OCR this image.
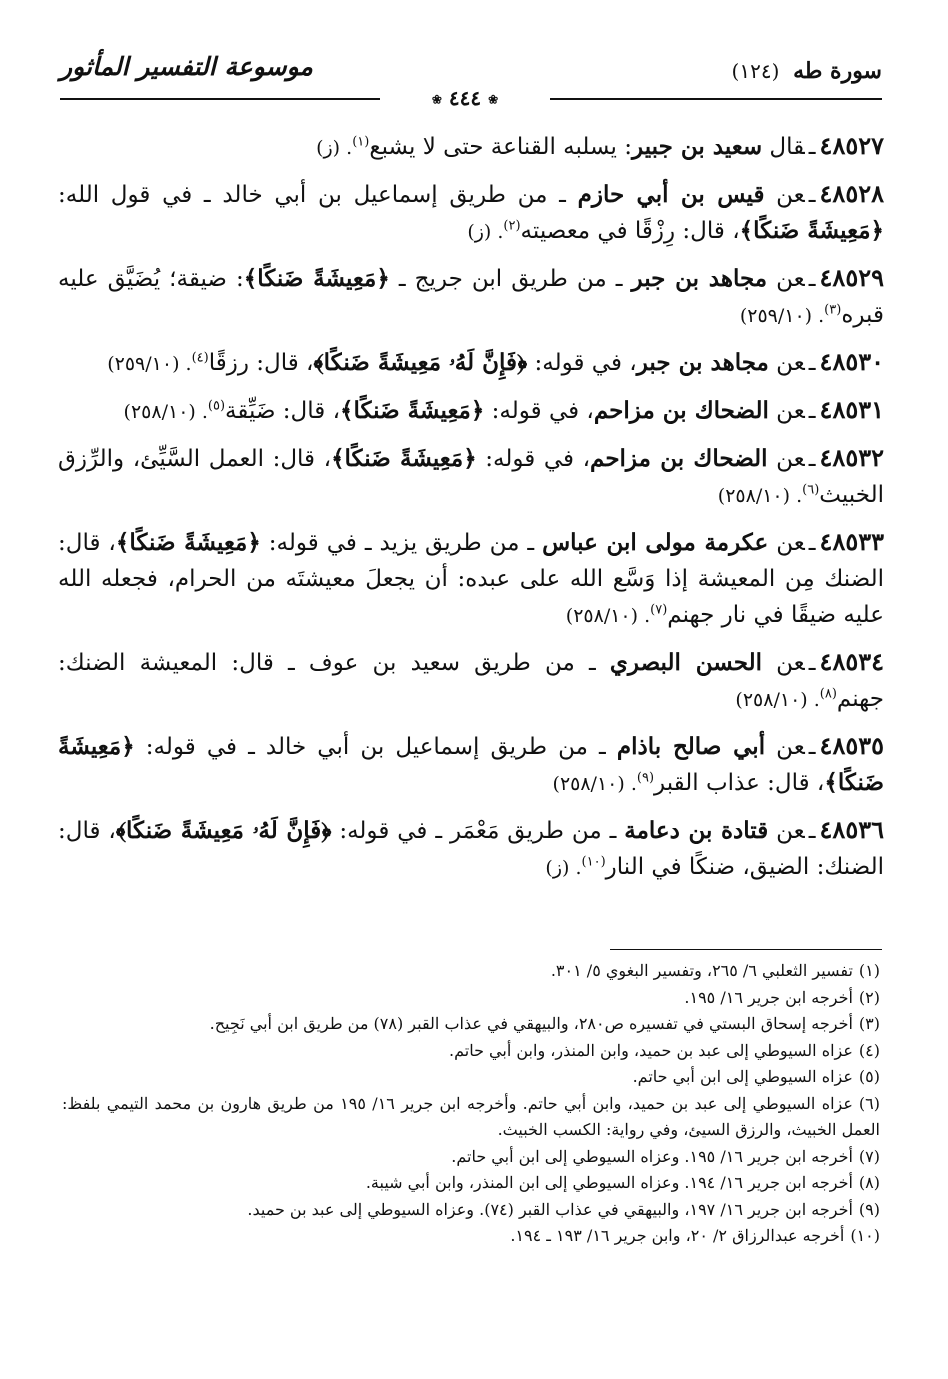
سورة طه (١٢٤)
موسوعة التفسير المأثور
❀ ٤٤٤ ❀

٤٨٥٢٧ـقال سعيد بن جبير: يسلبه القناعة حتى لا يشبع$^{(١)}$. (ز)

٤٨٥٢٨ـعن قيس بن أبي حازم ـ من طريق إسماعيل بن أبي خالد ـ في قول الله: ﴿مَعِيشَةً ضَنكًا﴾، قال: رِزْقًا في معصيته$^{(٢)}$. (ز)

٤٨٥٢٩ـعن مجاهد بن جبر ـ من طريق ابن جريج ـ ﴿مَعِيشَةً ضَنكًا﴾: ضيقة؛ يُضَيَّق عليه قبره$^{(٣)}$. (٢٥٩/١٠)

٤٨٥٣٠ـعن مجاهد بن جبر، في قوله: ﴿فَإِنَّ لَهُۥ مَعِيشَةً ضَنكًا﴾، قال: رزقًا$^{(٤)}$. (٢٥٩/١٠)

٤٨٥٣١ـعن الضحاك بن مزاحم، في قوله: ﴿مَعِيشَةً ضَنكًا﴾، قال: ضَيِّقة$^{(٥)}$. (٢٥٨/١٠)

٤٨٥٣٢ـعن الضحاك بن مزاحم، في قوله: ﴿مَعِيشَةً ضَنكًا﴾، قال: العمل السَّيِّئ، والرِّزق الخبيث$^{(٦)}$. (٢٥٨/١٠)

٤٨٥٣٣ـعن عكرمة مولى ابن عباس ـ من طريق يزيد ـ في قوله: ﴿مَعِيشَةً ضَنكًا﴾، قال: الضنك مِن المعيشة إذا وَسَّع الله على عبده: أن يجعلَ معيشتَه من الحرام، فجعله الله عليه ضيقًا في نار جهنم$^{(٧)}$. (٢٥٨/١٠)

٤٨٥٣٤ـعن الحسن البصري ـ من طريق سعيد بن عوف ـ قال: المعيشة الضنك: جهنم$^{(٨)}$. (٢٥٨/١٠)

٤٨٥٣٥ـعن أبي صالح باذام ـ من طريق إسماعيل بن أبي خالد ـ في قوله: ﴿مَعِيشَةً ضَنكًا﴾، قال: عذاب القبر$^{(٩)}$. (٢٥٨/١٠)

٤٨٥٣٦ـعن قتادة بن دعامة ـ من طريق مَعْمَر ـ في قوله: ﴿فَإِنَّ لَهُۥ مَعِيشَةً ضَنكًا﴾، قال: الضنك: الضيق، ضنكًا في النار$^{(١٠)}$. (ز)

(١)تفسير الثعلبي ٦/ ٢٦٥، وتفسير البغوي ٥/ ٣٠١.

(٢)أخرجه ابن جرير ١٦/ ١٩٥.

(٣)أخرجه إسحاق البستي في تفسيره ص٢٨٠، والبيهقي في عذاب القبر (٧٨) من طريق ابن أبي نَجِيح.

(٤)عزاه السيوطي إلى عبد بن حميد، وابن المنذر، وابن أبي حاتم.

(٥)عزاه السيوطي إلى ابن أبي حاتم.

(٦)عزاه السيوطي إلى عبد بن حميد، وابن أبي حاتم. وأخرجه ابن جرير ١٦/ ١٩٥ من طريق هارون بن محمد التيمي بلفظ: العمل الخبيث، والرزق السيئ، وفي رواية: الكسب الخبيث.

(٧)أخرجه ابن جرير ١٦/ ١٩٥. وعزاه السيوطي إلى ابن أبي حاتم.

(٨)أخرجه ابن جرير ١٦/ ١٩٤. وعزاه السيوطي إلى ابن المنذر، وابن أبي شيبة.

(٩)أخرجه ابن جرير ١٦/ ١٩٧، والبيهقي في عذاب القبر (٧٤). وعزاه السيوطي إلى عبد بن حميد.

(١٠)أخرجه عبدالرزاق ٢/ ٢٠، وابن جرير ١٦/ ١٩٣ ـ ١٩٤.
